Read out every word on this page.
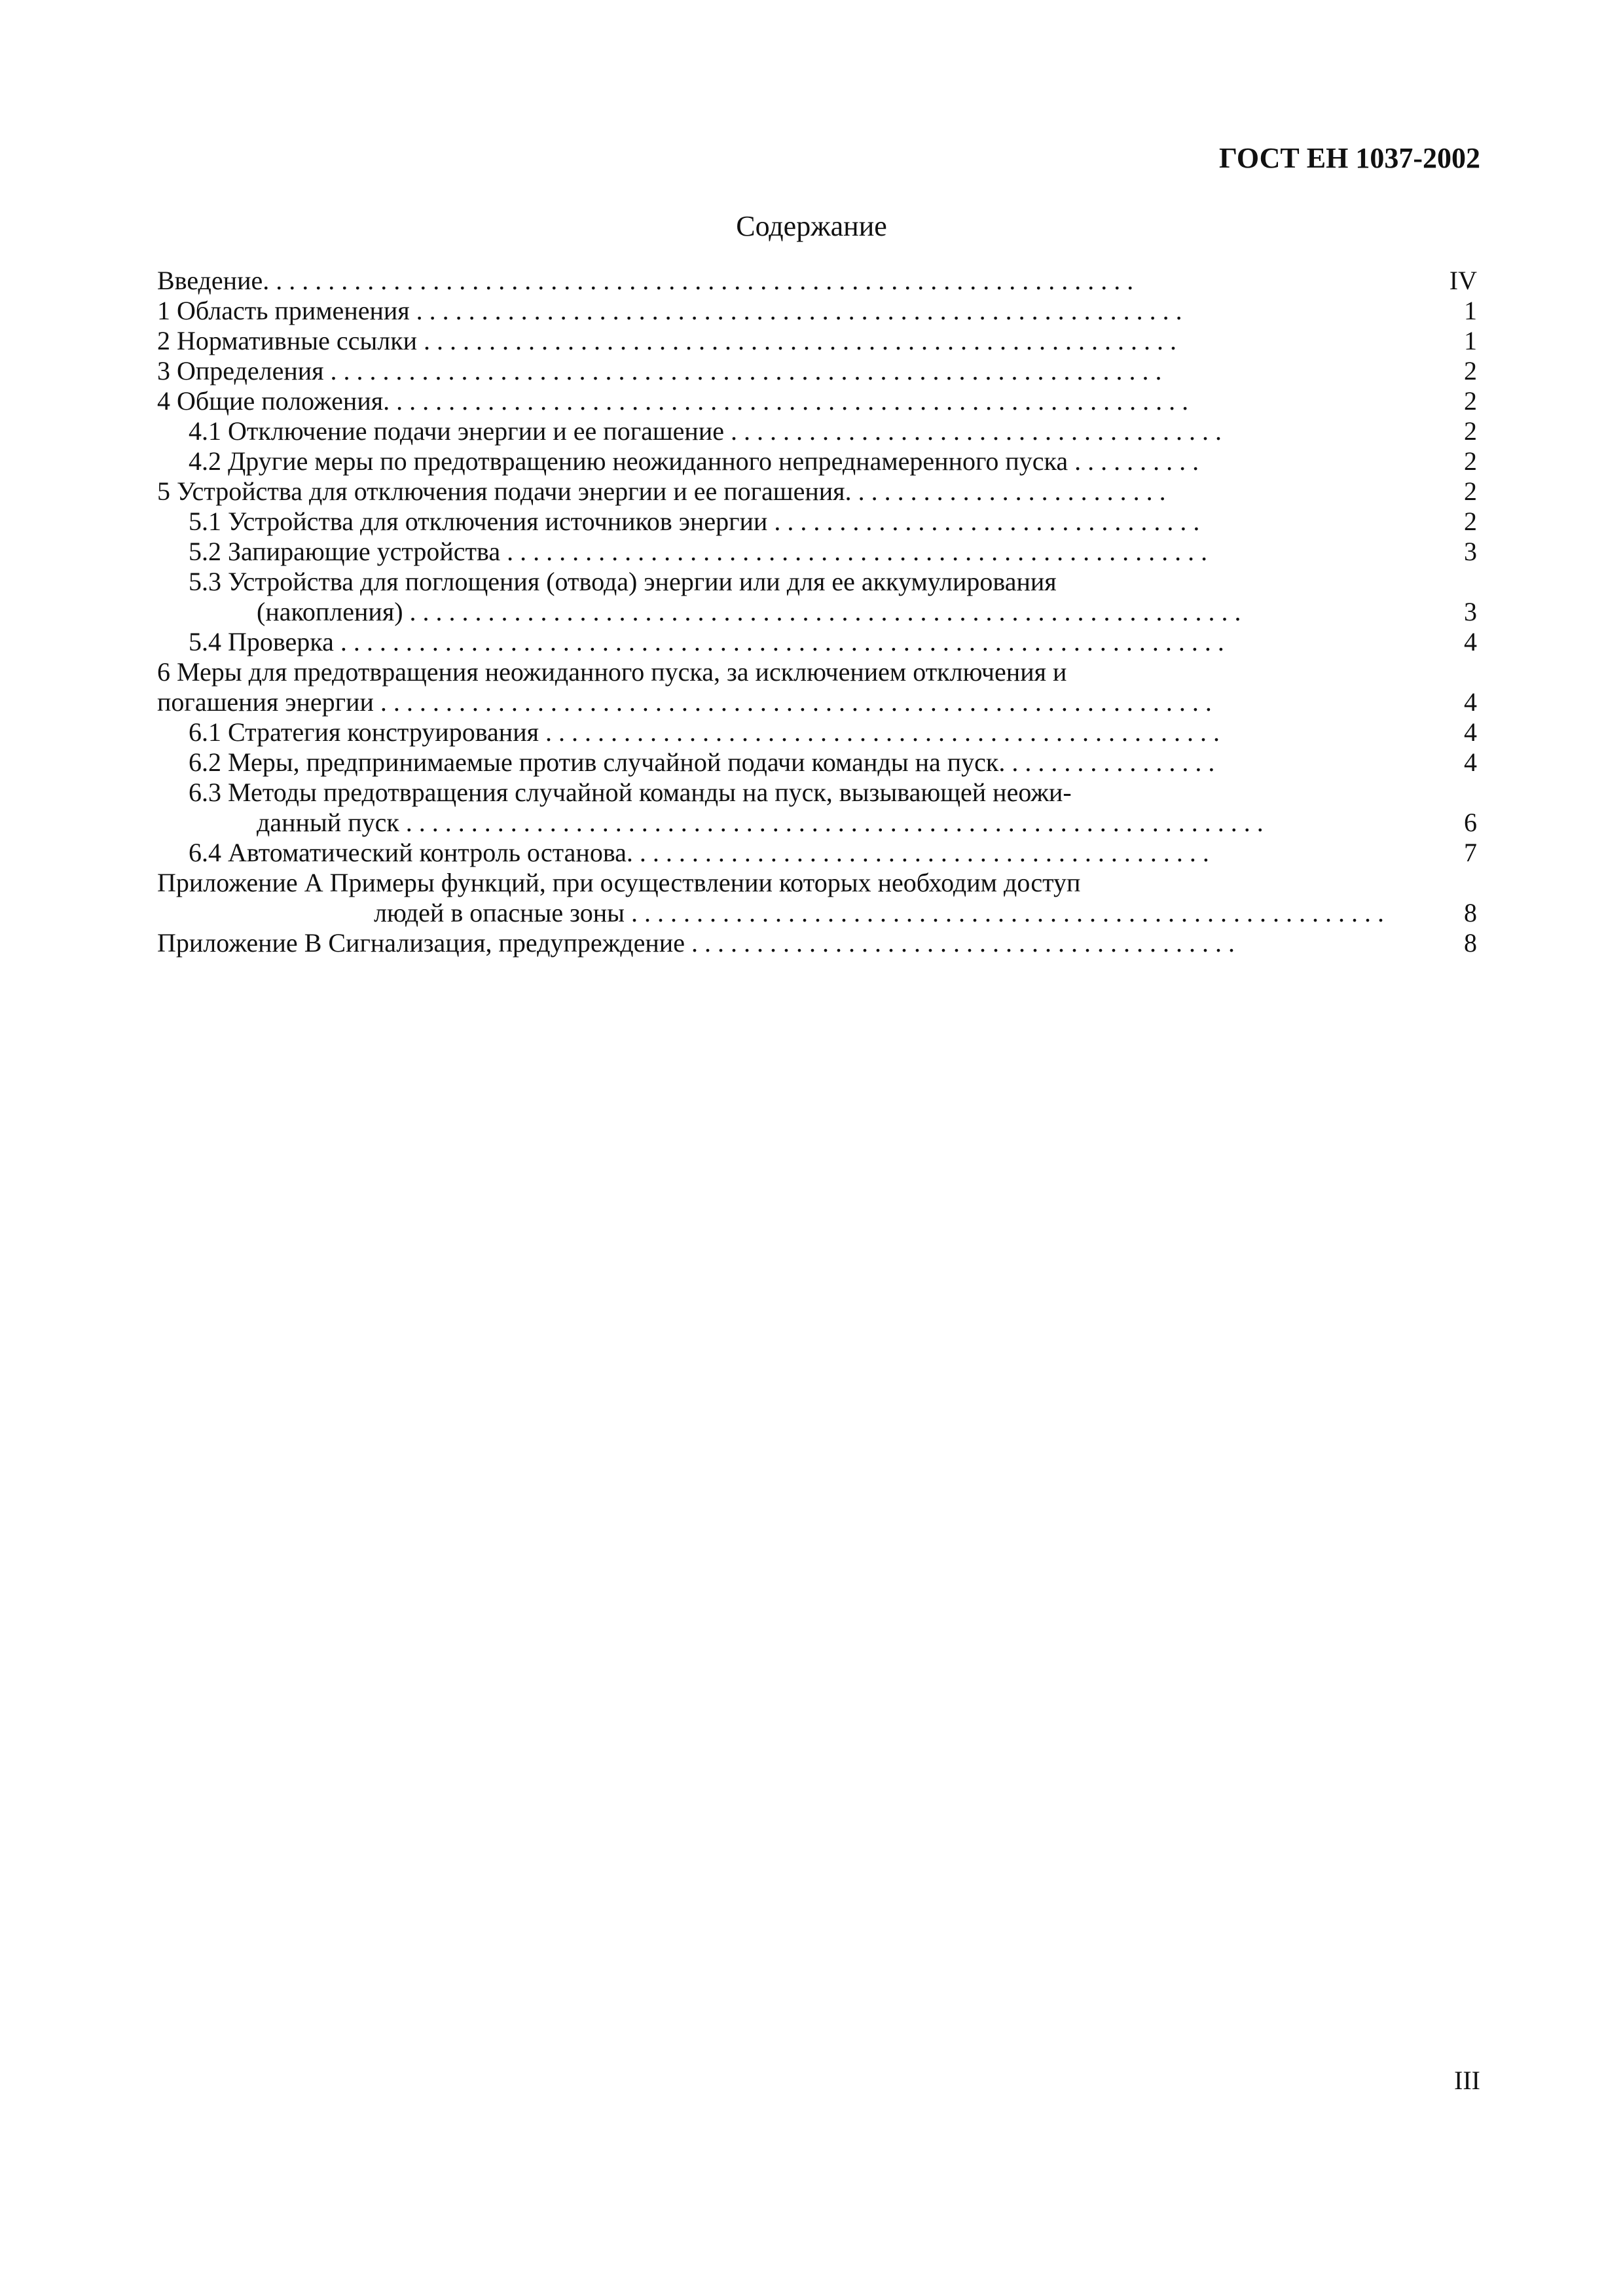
ГОСТ ЕН 1037-2002
Содержание
Введение. . . . . . . . . . . . . . . . . . . . . . . . . . . . . . . . . . . . . . . . . . . . . . . . . . . . . . . . . . . . . . . . . . .	IV
1 Область применения . . . . . . . . . . . . . . . . . . . . . . . . . . . . . . . . . . . . . . . . . . . . . . . . . . . . . . . . . . .	1
2 Нормативные ссылки . . . . . . . . . . . . . . . . . . . . . . . . . . . . . . . . . . . . . . . . . . . . . . . . . . . . . . . . . .	1
3 Определения . . . . . . . . . . . . . . . . . . . . . . . . . . . . . . . . . . . . . . . . . . . . . . . . . . . . . . . . . . . . . . . .	2
4 Общие положения. . . . . . . . . . . . . . . . . . . . . . . . . . . . . . . . . . . . . . . . . . . . . . . . . . . . . . . . . . . . . .	2
4.1 Отключение подачи энергии и ее погашение . . . . . . . . . . . . . . . . . . . . . . . . . . . . . . . . . . . . . .	2
4.2 Другие меры по предотвращению неожиданного непреднамеренного пуска . . . . . . . . . .	2
5 Устройства для отключения подачи энергии и ее погашения. . . . . . . . . . . . . . . . . . . . . . . . .	2
5.1 Устройства для отключения источников энергии . . . . . . . . . . . . . . . . . . . . . . . . . . . . . . . . .	2
5.2 Запирающие устройства . . . . . . . . . . . . . . . . . . . . . . . . . . . . . . . . . . . . . . . . . . . . . . . . . . . . . .	3
5.3 Устройства для поглощения (отвода) энергии или для ее аккумулирования
(накопления) . . . . . . . . . . . . . . . . . . . . . . . . . . . . . . . . . . . . . . . . . . . . . . . . . . . . . . . . . . . . . . . .	3
5.4 Проверка . . . . . . . . . . . . . . . . . . . . . . . . . . . . . . . . . . . . . . . . . . . . . . . . . . . . . . . . . . . . . . . . . . . .	4
6 Меры для предотвращения неожиданного пуска, за исключением отключения и
погашения энергии . . . . . . . . . . . . . . . . . . . . . . . . . . . . . . . . . . . . . . . . . . . . . . . . . . . . . . . . . . . . . . . .	4
6.1 Стратегия конструирования . . . . . . . . . . . . . . . . . . . . . . . . . . . . . . . . . . . . . . . . . . . . . . . . . . . .	4
6.2 Меры, предпринимаемые против случайной подачи команды на пуск. . . . . . . . . . . . . . . . .	4
6.3 Методы предотвращения случайной команды на пуск, вызывающей неожи-
данный пуск . . . . . . . . . . . . . . . . . . . . . . . . . . . . . . . . . . . . . . . . . . . . . . . . . . . . . . . . . . . . . . . . . .	6
6.4 Автоматический контроль останова. . . . . . . . . . . . . . . . . . . . . . . . . . . . . . . . . . . . . . . . . . . . .	7
Приложение А Примеры функций, при осуществлении которых необходим доступ
людей в опасные зоны . . . . . . . . . . . . . . . . . . . . . . . . . . . . . . . . . . . . . . . . . . . . . . . . . . . . . . . . . .	8
Приложение В Сигнализация, предупреждение . . . . . . . . . . . . . . . . . . . . . . . . . . . . . . . . . . . . . . . . . .	8
III
